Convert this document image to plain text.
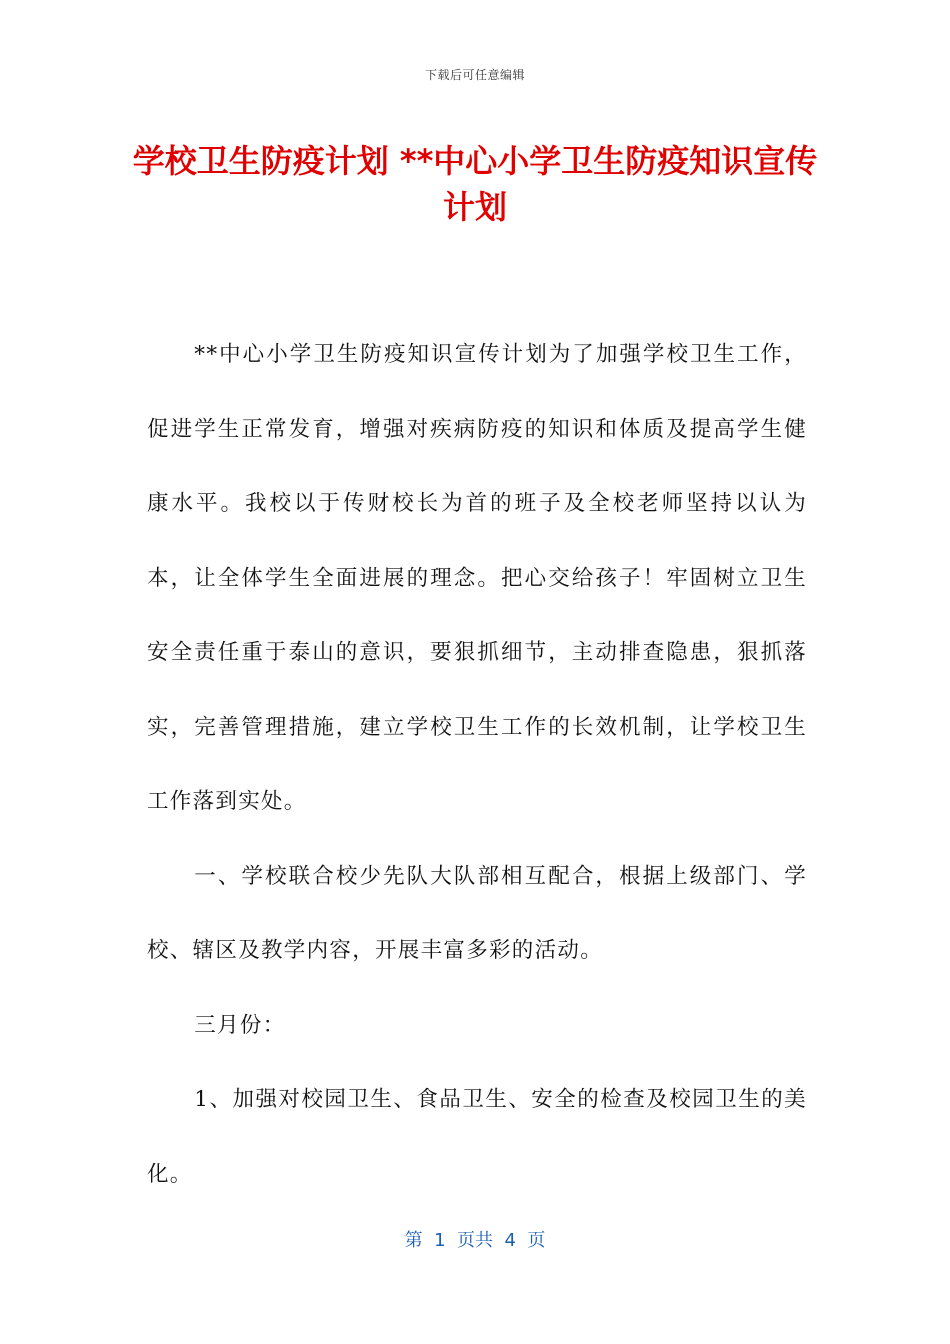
下载后可任意编辑
学校卫生防疫计划 **中心小学卫生防疫知识宣传计划

**中心小学卫生防疫知识宣传计划为了加强学校卫生工作，促进学生正常发育，增强对疾病防疫的知识和体质及提高学生健康水平。我校以于传财校长为首的班子及全校老师坚持以认为本，让全体学生全面进展的理念。把心交给孩子！牢固树立卫生安全责任重于泰山的意识，要狠抓细节，主动排查隐患，狠抓落实，完善管理措施，建立学校卫生工作的长效机制，让学校卫生工作落到实处。

一、学校联合校少先队大队部相互配合，根据上级部门、学校、辖区及教学内容，开展丰富多彩的活动。

三月份：

1、加强对校园卫生、食品卫生、安全的检查及校园卫生的美化。

第  1  页共  4  页
